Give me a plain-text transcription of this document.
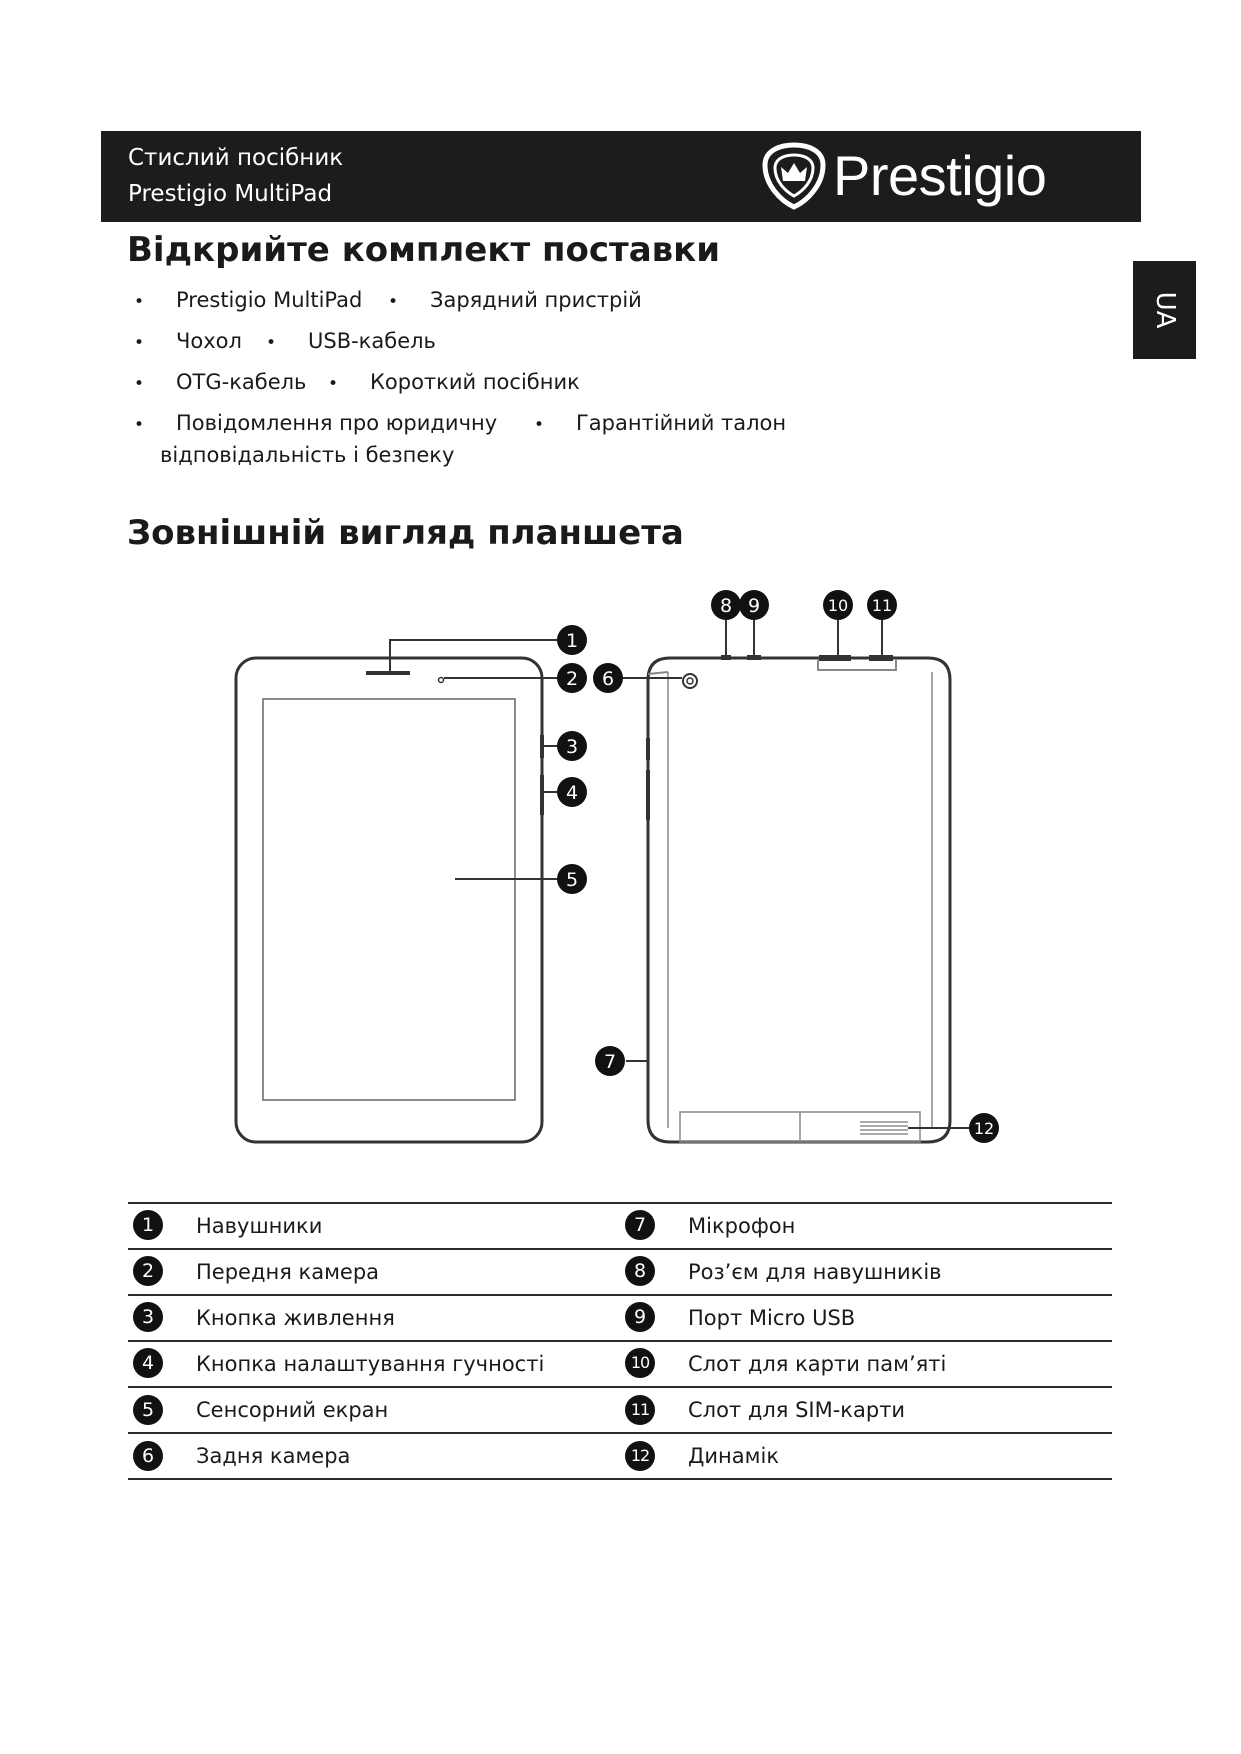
Стислий посібник
Prestigio MultiPad	Prestigio
UA
Відкрийте комплект поставки
• Prestigio MultiPad • Зарядний пристрій
• Чохол • USB-кабель
• OTG-кабель • Короткий посібник
• Повідомлення про юридичну
відповідальність і безпеку
• Гарантійний талон
Зовнішній вигляд планшета
1
2 6
3
4
5
7
8 9	10 11
12
1	Навушники	7	Мікрофон
2	Передня камера	8	Роз’єм для навушників
3	Кнопка живлення	9	Порт Micro USB
4	Кнопка налаштування гучності	10 Слот для карти пам’яті
5	Сенсорний екран	11 Слот для SIM-карти
6	Задня камера	12 Динамік
